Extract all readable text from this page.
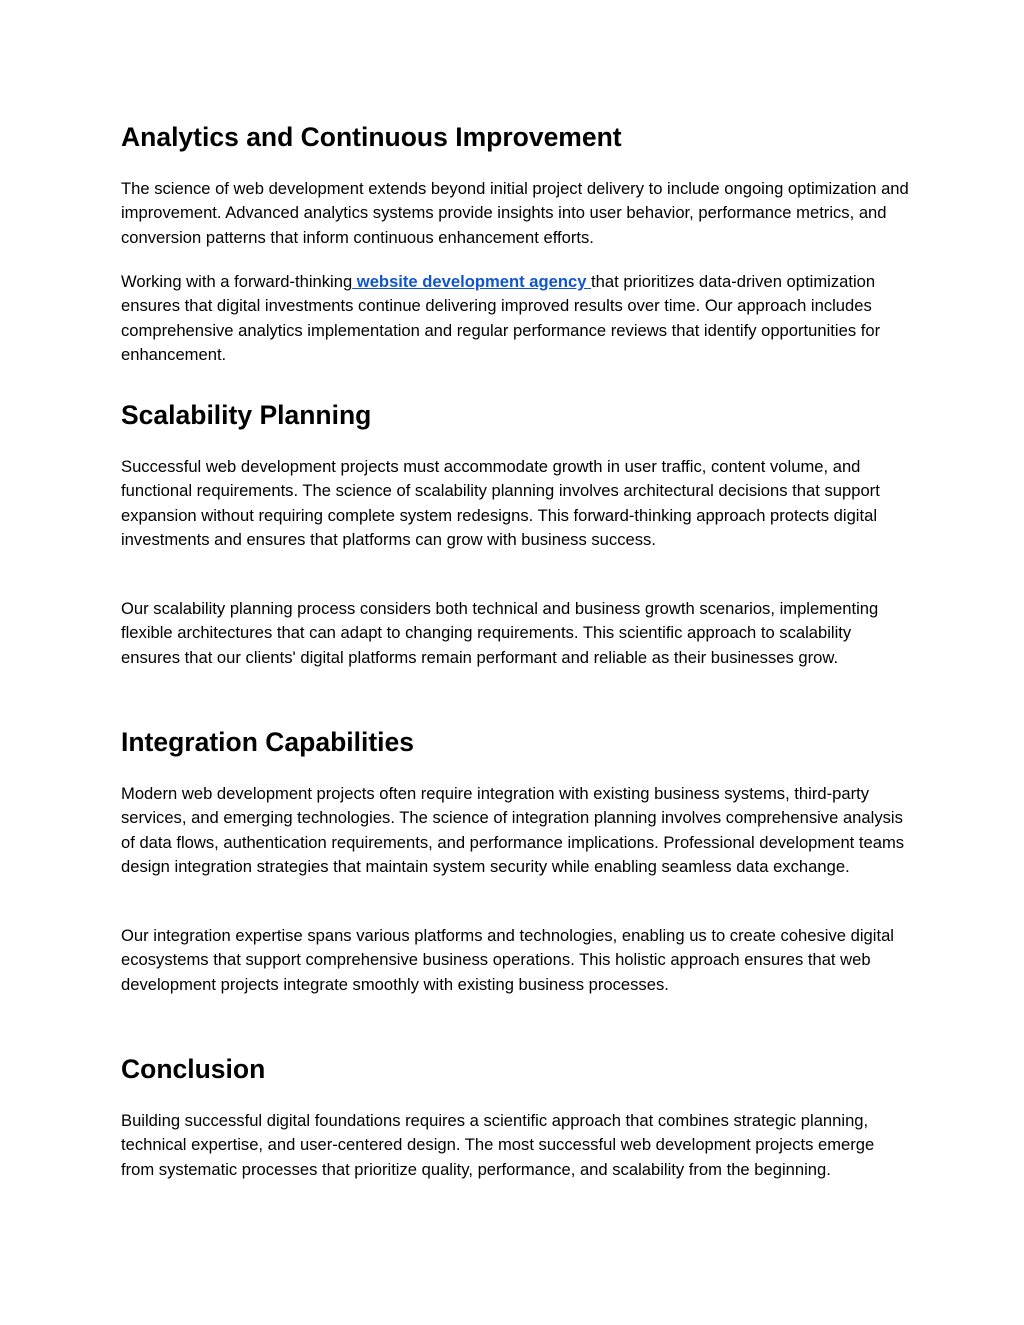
Analytics and Continuous Improvement

The science of web development extends beyond initial project delivery to include ongoing optimization and improvement. Advanced analytics systems provide insights into user behavior, performance metrics, and conversion patterns that inform continuous enhancement efforts.

Working with a forward-thinking website development agency that prioritizes data-driven optimization ensures that digital investments continue delivering improved results over time. Our approach includes comprehensive analytics implementation and regular performance reviews that identify opportunities for enhancement.

Scalability Planning

Successful web development projects must accommodate growth in user traffic, content volume, and functional requirements. The science of scalability planning involves architectural decisions that support expansion without requiring complete system redesigns. This forward-thinking approach protects digital investments and ensures that platforms can grow with business success.

Our scalability planning process considers both technical and business growth scenarios, implementing flexible architectures that can adapt to changing requirements. This scientific approach to scalability ensures that our clients' digital platforms remain performant and reliable as their businesses grow.

Integration Capabilities

Modern web development projects often require integration with existing business systems, third-party services, and emerging technologies. The science of integration planning involves comprehensive analysis of data flows, authentication requirements, and performance implications. Professional development teams design integration strategies that maintain system security while enabling seamless data exchange.

Our integration expertise spans various platforms and technologies, enabling us to create cohesive digital ecosystems that support comprehensive business operations. This holistic approach ensures that web development projects integrate smoothly with existing business processes.

Conclusion

Building successful digital foundations requires a scientific approach that combines strategic planning, technical expertise, and user-centered design. The most successful web development projects emerge from systematic processes that prioritize quality, performance, and scalability from the beginning.
